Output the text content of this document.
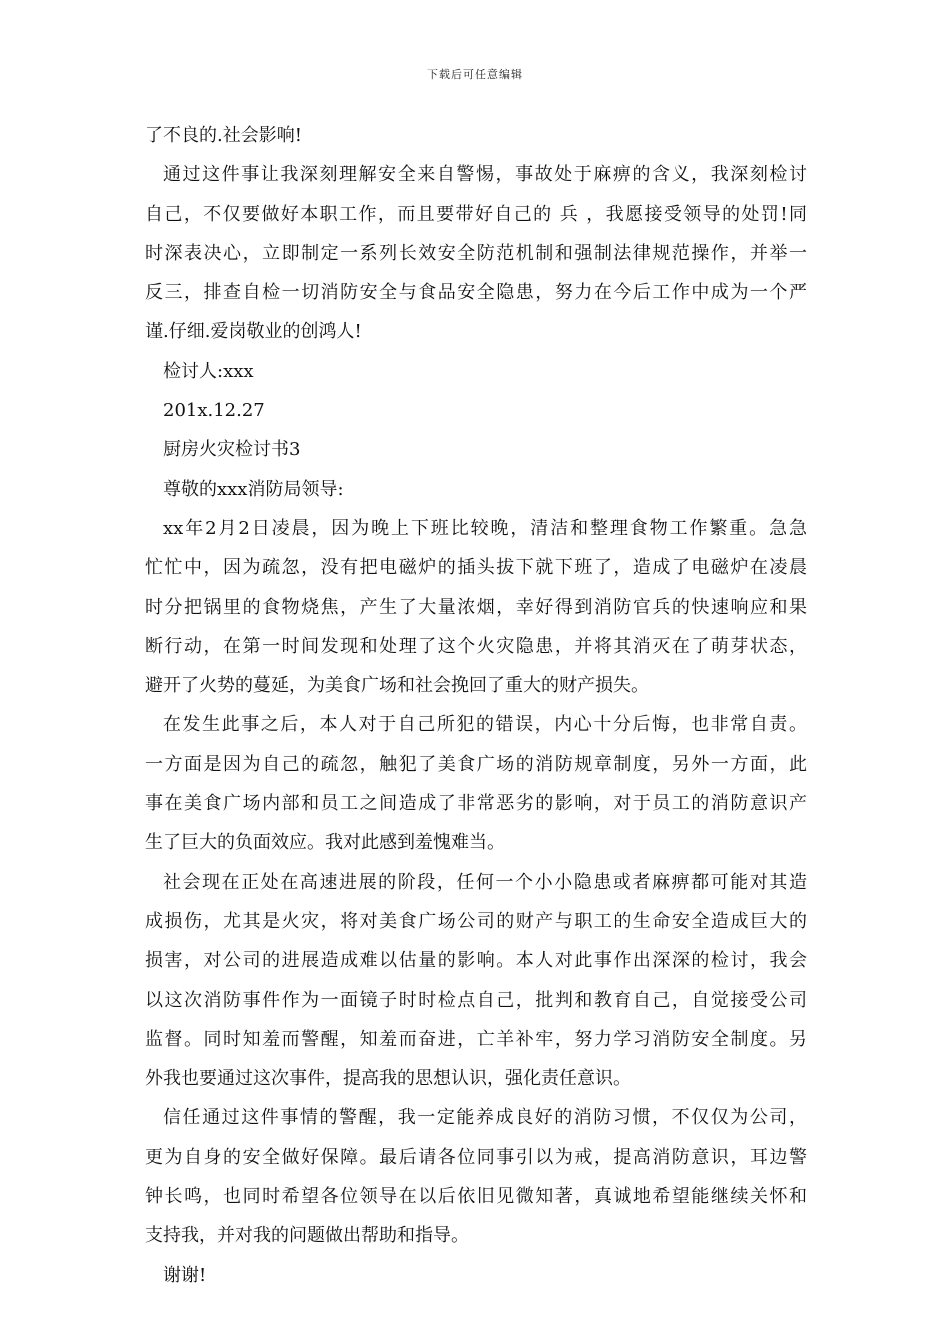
下载后可任意编辑
了不良的.社会影响!
通过这件事让我深刻理解安全来自警惕，事故处于麻痹的含义，我深刻检讨
自己，不仅要做好本职工作，而且要带好自己的 兵 ，我愿接受领导的处罚!同
时深表决心，立即制定一系列长效安全防范机制和强制法律规范操作，并举一
反三，排查自检一切消防安全与食品安全隐患，努力在今后工作中成为一个严
谨.仔细.爱岗敬业的创鸿人!
检讨人:xxx
201x.12.27
厨房火灾检讨书3
尊敬的xxx消防局领导:
xx年2月2日凌晨，因为晚上下班比较晚，清洁和整理食物工作繁重。急急
忙忙中，因为疏忽，没有把电磁炉的插头拔下就下班了，造成了电磁炉在凌晨
时分把锅里的食物烧焦，产生了大量浓烟，幸好得到消防官兵的快速响应和果
断行动，在第一时间发现和处理了这个火灾隐患，并将其消灭在了萌芽状态，
避开了火势的蔓延，为美食广场和社会挽回了重大的财产损失。
在发生此事之后，本人对于自己所犯的错误，内心十分后悔，也非常自责。
一方面是因为自己的疏忽，触犯了美食广场的消防规章制度，另外一方面，此
事在美食广场内部和员工之间造成了非常恶劣的影响，对于员工的消防意识产
生了巨大的负面效应。我对此感到羞愧难当。
社会现在正处在高速进展的阶段，任何一个小小隐患或者麻痹都可能对其造
成损伤，尤其是火灾，将对美食广场公司的财产与职工的生命安全造成巨大的
损害，对公司的进展造成难以估量的影响。本人对此事作出深深的检讨，我会
以这次消防事件作为一面镜子时时检点自己，批判和教育自己，自觉接受公司
监督。同时知羞而警醒，知羞而奋进，亡羊补牢，努力学习消防安全制度。另
外我也要通过这次事件，提高我的思想认识，强化责任意识。
信任通过这件事情的警醒，我一定能养成良好的消防习惯，不仅仅为公司，
更为自身的安全做好保障。最后请各位同事引以为戒，提高消防意识，耳边警
钟长鸣，也同时希望各位领导在以后依旧见微知著，真诚地希望能继续关怀和
支持我，并对我的问题做出帮助和指导。
谢谢!
